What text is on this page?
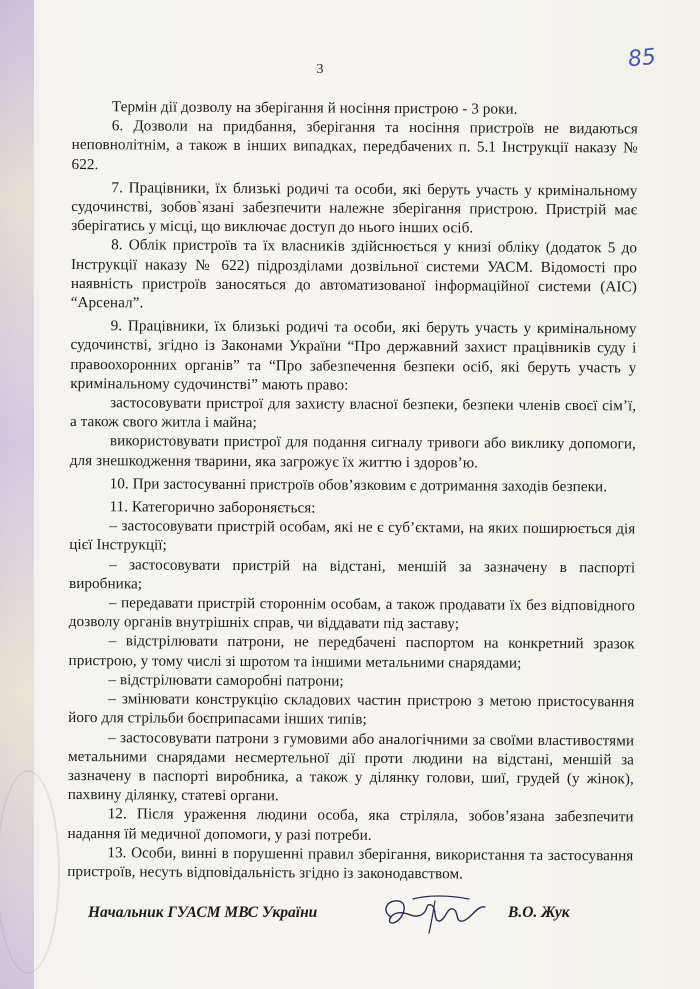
3	85

Термін дії дозволу на зберігання й носіння пристрою - 3 роки.

6. Дозволи на придбання, зберігання та носіння пристроїв не видаються неповнолітнім, а також в інших випадках, передбачених п. 5.1 Інструкції наказу № 622.

7. Працівники, їх близькі родичі та особи, які беруть участь у кримінальному судочинстві, зобов`язані забезпечити належне зберігання пристрою. Пристрій має зберігатись у місці, що виключає доступ до нього інших осіб.

8. Облік пристроїв та їх власників здійснюється у книзі обліку (додаток 5 до Інструкції наказу № 622) підрозділами дозвільної системи УАСМ. Відомості про наявність пристроїв заносяться до автоматизованої інформаційної системи (АІС) “Арсенал”.

9. Працівники, їх близькі родичі та особи, які беруть участь у кримінальному судочинстві, згідно із Законами України “Про державний захист працівників суду і правоохоронних органів” та “Про забезпечення безпеки осіб, які беруть участь у кримінальному судочинстві” мають право:

застосовувати пристрої для захисту власної безпеки, безпеки членів своєї сім’ї, а також свого житла і майна;

використовувати пристрої для подання сигналу тривоги або виклику допомоги, для знешкодження тварини, яка загрожує їх життю і здоров’ю.

10. При застосуванні пристроїв обов’язковим є дотримання заходів безпеки.

11. Категорично забороняється:

– застосовувати пристрій особам, які не є суб’єктами, на яких поширюється дія цієї Інструкції;

– застосовувати пристрій на відстані, меншій за зазначену в паспорті виробника;

– передавати пристрій стороннім особам, а також продавати їх без відповідного дозволу органів внутрішніх справ, чи віддавати під заставу;

– відстрілювати патрони, не передбачені паспортом на конкретний зразок пристрою, у тому числі зі шротом та іншими метальними снарядами;

– відстрілювати саморобні патрони;

– змінювати конструкцію складових частин пристрою з метою пристосування його для стрільби боєприпасами інших типів;

– застосовувати патрони з гумовими або аналогічними за своїми властивостями метальними снарядами несмертельної дії проти людини на відстані, меншій за зазначену в паспорті виробника, а також у ділянку голови, шиї, грудей (у жінок), пахвину ділянку, статеві органи.

12. Після ураження людини особа, яка стріляла, зобов’язана забезпечити надання їй медичної допомоги, у разі потреби.

13. Особи, винні в порушенні правил зберігання, використання та застосування пристроїв, несуть відповідальність згідно із законодавством.

Начальник ГУАСМ МВС України	В.О. Жук
